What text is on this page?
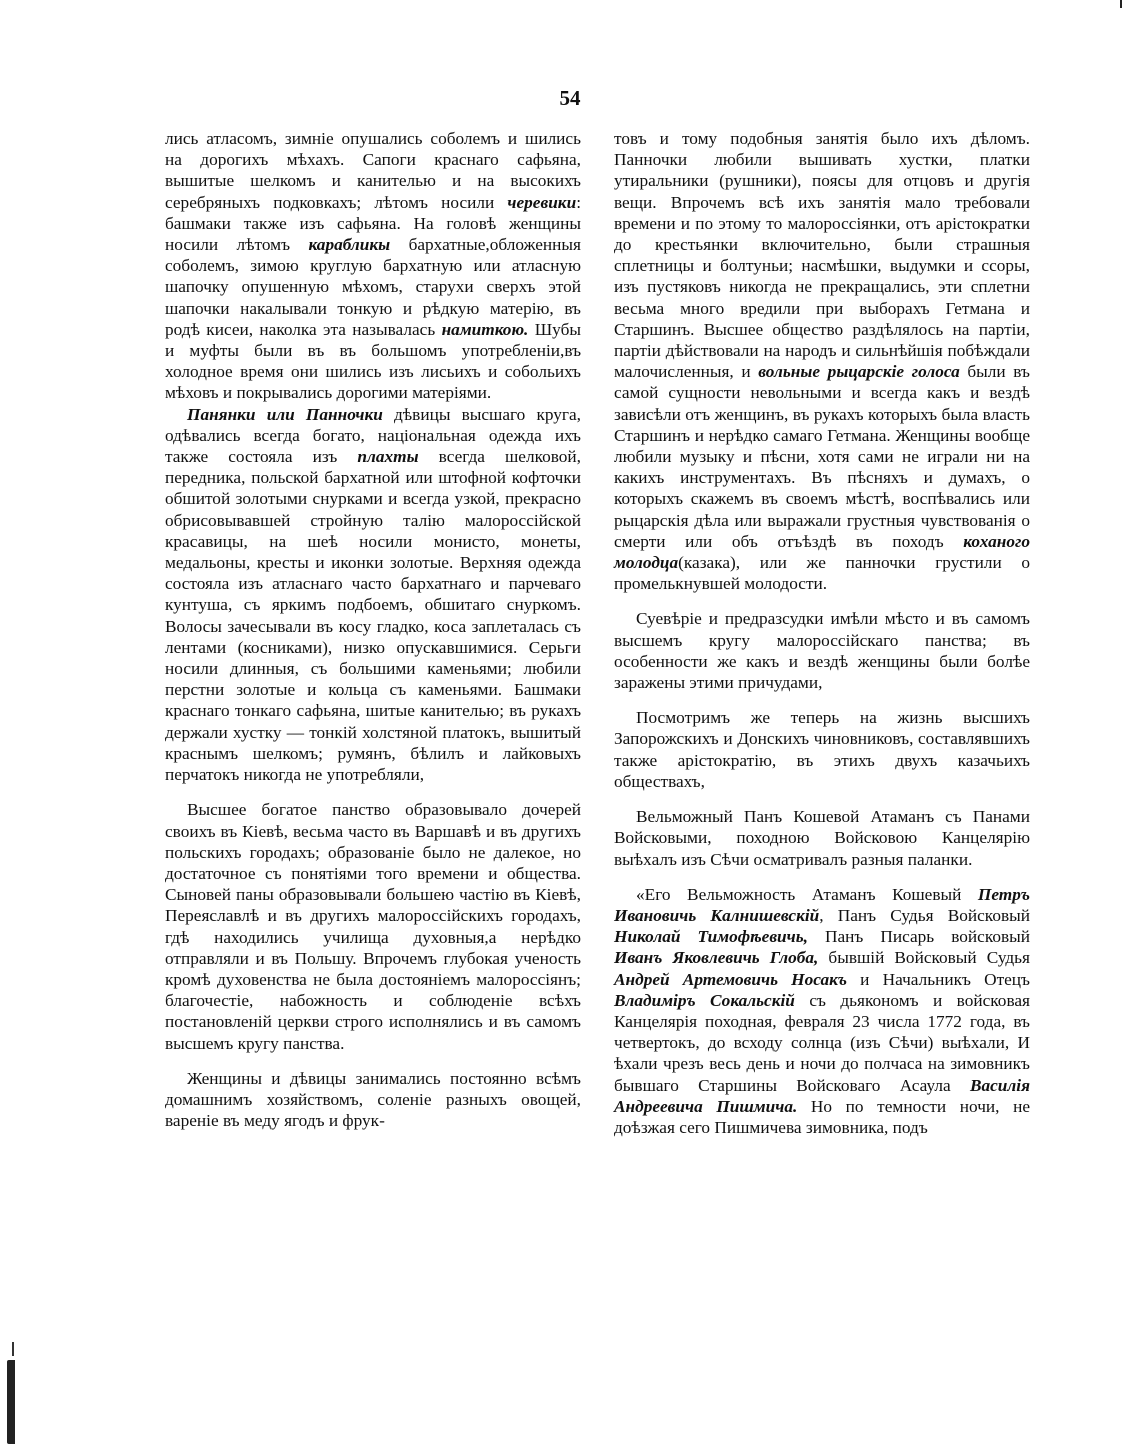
54

лись атласомъ, зимніе опушались соболемъ и шились на дорогихъ мѣхахъ. Сапоги краснаго сафьяна, вышитые шелкомъ и канителью и на высокихъ серебряныхъ подковкахъ; лѣтомъ носили черевики: башмаки также изъ сафьяна. На головѣ женщины носили лѣтомъ карабликы бархатные,обложенныя соболемъ, зимою круглую бархатную или атласную шапочку опушенную мѣхомъ, старухи сверхъ этой шапочки накалывали тонкую и рѣдкую матерію, въ родѣ кисеи, наколка эта называлась намиткою. Шубы и муфты были въ въ большомъ употребленіи,въ холодное время они шились изъ лисьихъ и собольихъ мѣховъ и покрывались дорогими матеріями.

Панянки или Панночки дѣвицы высшаго круга, одѣвались всегда богато, національная одежда ихъ также состояла изъ плахты всегда шелковой, передника, польской бархатной или штофной кофточки обшитой золотыми снурками и всегда узкой, прекрасно обрисовывавшей стройную талію малороссійской красавицы, на шеѣ носили монисто, монеты, медальоны, кресты и иконки золотые. Верхняя одежда состояла изъ атласнаго часто бархатнаго и парчеваго кунтуша, съ яркимъ подбоемъ, обшитаго снуркомъ. Волосы зачесывали въ косу гладко, коса заплеталась съ лентами (косниками), низко опускавшимися. Серьги носили длинныя, съ большими каменьями; любили перстни золотые и кольца съ каменьями. Башмаки краснаго тонкаго сафьяна, шитые канителью; въ рукахъ держали хустку — тонкій холстяной платокъ, вышитый краснымъ шелкомъ; румянъ, бѣлилъ и лайковыхъ перчатокъ никогда не употребляли,

Высшее богатое панство образовывало дочерей своихъ въ Кіевѣ, весьма часто въ Варшавѣ и въ другихъ польскихъ городахъ; образованіе было не далекое, но достаточное съ понятіями того времени и общества. Сыновей паны образовывали большею частію въ Кіевѣ, Переяславлѣ и въ другихъ малороссійскихъ городахъ, гдѣ находились училища духовныя,а нерѣдко отправляли и въ Польшу. Впрочемъ глубокая ученость кромѣ духовенства не была достояніемъ малороссіянъ; благочестіе, набожность и соблюденіе всѣхъ постановленій церкви строго исполнялись и въ самомъ высшемъ кругу панства.

Женщины и дѣвицы занимались постоянно всѣмъ домашнимъ хозяйствомъ, соленіе разныхъ овощей, вареніе въ меду ягодъ и фрук-

товъ и тому подобныя занятія было ихъ дѣломъ. Панночки любили вышивать хустки, платки утиральники (рушники), поясы для отцовъ и другія вещи. Впрочемъ всѣ ихъ занятія мало требовали времени и по этому то малороссіянки, отъ арістократки до крестьянки включительно, были страшныя сплетницы и болтуньи; насмѣшки, выдумки и ссоры, изъ пустяковъ никогда не прекращались, эти сплетни весьма много вредили при выборахъ Гетмана и Старшинъ. Высшее общество раздѣлялось на партіи, партіи дѣйствовали на народъ и сильнѣйшія побѣждали малочисленныя, и вольные рыцарскіе голоса были въ самой сущности невольными и всегда какъ и вездѣ зависѣли отъ женщинъ, въ рукахъ которыхъ была власть Старшинъ и нерѣдко самаго Гетмана. Женщины вообще любили музыку и пѣсни, хотя сами не играли ни на какихъ инструментахъ. Въ пѣсняхъ и думахъ, о которыхъ скажемъ въ своемъ мѣстѣ, воспѣвались или рыцарскія дѣла или выражали грустныя чувствованія о смерти или объ отъѣздѣ въ походъ коханого молодца(казака), или же панночки грустили о промелькнувшей молодости.

Суевѣріе и предразсудки имѣли мѣсто и въ самомъ высшемъ кругу малороссійскаго панства; въ особенности же какъ и вездѣ женщины были болѣе заражены этими причудами,

Посмотримъ же теперь на жизнь высшихъ Запорожскихъ и Донскихъ чиновниковъ, составлявшихъ также арістократію, въ этихъ двухъ казачьихъ обществахъ,

Вельможный Панъ Кошевой Атаманъ съ Панами Войсковыми, походною Войсковою Канцелярію выѣхалъ изъ Сѣчи осматривалъ разныя паланки.

«Его Вельможность Атаманъ Кошевый Петръ Ивановичь Калнишевскій, Панъ Судья Войсковый Николай Тимофѣевичь, Панъ Писарь войсковый Иванъ Яковлевичь Глоба, бывшій Войсковый Судья Андрей Артемовичь Носакъ и Начальникъ Отецъ Владиміръ Сокальскій съ дьякономъ и войсковая Канцелярія походная, февраля 23 числа 1772 года, въ четвертокъ, до всходу солнца (изъ Сѣчи) выѣхали, И ѣхали чрезъ весь день и ночи до полчаса на зимовникъ бывшаго Старшины Войсковаго Асаула Василія Андреевича Пишмича. Но по темности ночи, не доѣзжая сего Пишмичева зимовника, подъ
